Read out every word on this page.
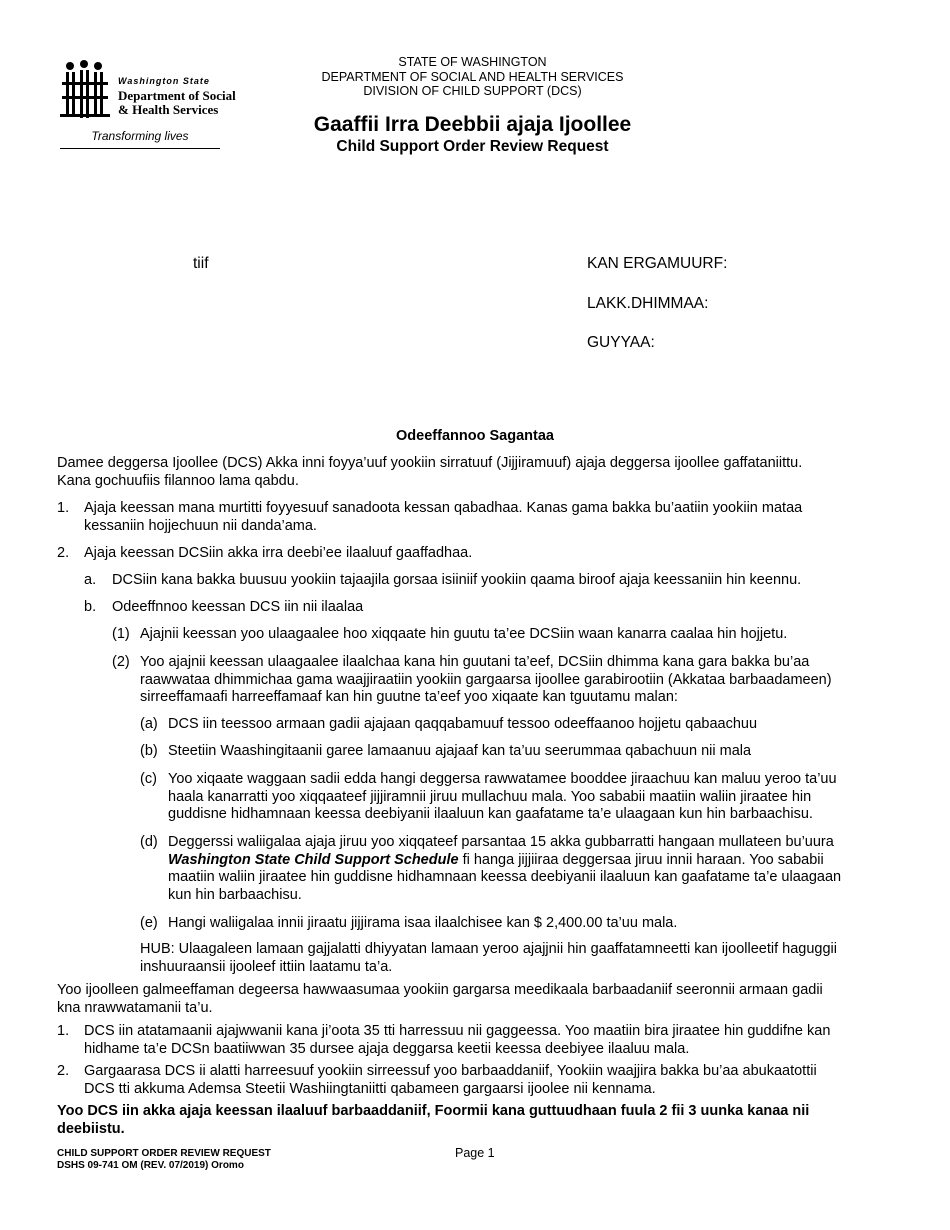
Washington State
Department of Social
& Health Services
Transforming lives
STATE OF WASHINGTON
DEPARTMENT OF SOCIAL AND HEALTH SERVICES
DIVISION OF CHILD SUPPORT (DCS)
Gaaffii Irra Deebbii ajaja Ijoollee
Child Support Order Review Request
tiif	KAN ERGAMUURF:
LAKK.DHIMMAA:
GUYYAA:
Odeeffannoo Sagantaa
Damee deggersa Ijoollee (DCS) Akka inni foyya’uuf yookiin sirratuuf (Jijjiramuuf) ajaja deggersa ijoollee gaffataniittu.
Kana gochuufiis filannoo lama qabdu.
1. Ajaja keessan mana murtitti foyyesuuf sanadoota kessan qabadhaa. Kanas gama bakka bu’aatiin yookiin mataa
kessaniin hojjechuun nii danda’ama.
2. Ajaja keessan DCSiin akka irra deebi’ee ilaaluuf gaaffadhaa.
a. DCSiin kana bakka buusuu yookiin tajaajila gorsaa isiiniif yookiin qaama biroof ajaja keessaniin hin keennu.
b. Odeeffnnoo keessan DCS iin nii ilaalaa
(1) Ajajnii keessan yoo ulaagaalee hoo xiqqaate hin guutu ta’ee DCSiin waan kanarra caalaa hin hojjetu.
(2) Yoo ajajnii keessan ulaagaalee ilaalchaa kana hin guutani ta’eef, DCSiin dhimma kana gara bakka bu’aa
raawwataa dhimmichaa gama waajjiraatiin yookiin gargaarsa ijoollee garabirootiin (Akkataa barbaadameen)
sirreeffamaafi harreeffamaaf kan hin guutne ta’eef yoo xiqaate kan tguutamu malan:
(a) DCS iin teessoo armaan gadii ajajaan qaqqabamuuf tessoo odeeffaanoo hojjetu qabaachuu
(b) Steetiin Waashingitaanii garee lamaanuu ajajaaf kan ta’uu seerummaa qabachuun nii mala
(c) Yoo xiqaate waggaan sadii edda hangi deggersa rawwatamee booddee jiraachuu kan maluu yeroo ta’uu
haala kanarratti yoo xiqqaateef jijjiramnii jiruu mullachuu mala. Yoo sababii maatiin waliin jiraatee hin
guddisne hidhamnaan keessa deebiyanii ilaaluun kan gaafatame ta’e ulaagaan kun hin barbaachisu.
(d) Deggerssi waliigalaa ajaja jiruu yoo xiqqateef parsantaa 15 akka gubbarratti hangaan mullateen bu’uura
Washington State Child Support Schedule fi hanga jijjiiraa deggersaa jiruu innii haraan. Yoo sababii
maatiin waliin jiraatee hin guddisne hidhamnaan keessa deebiyanii ilaaluun kan gaafatame ta’e ulaagaan
kun hin barbaachisu.
(e) Hangi waliigalaa innii jiraatu jijjirama isaa ilaalchisee kan $ 2,400.00 ta’uu mala.
HUB: Ulaagaleen lamaan gajjalatti dhiyyatan lamaan yeroo ajajjnii hin gaaffatamneetti kan ijoolleetif haguggii
inshuuraansii ijooleef ittiin laatamu ta’a.
Yoo ijoolleen galmeeffaman degeersa hawwaasumaa yookiin gargarsa meedikaala barbaadaniif seeronnii armaan gadii
kna nrawwatamanii ta’u.
1. DCS iin atatamaanii ajajwwanii kana ji’oota 35 tti harressuu nii gaggeessa. Yoo maatiin bira jiraatee hin guddifne kan
hidhame ta’e DCSn baatiiwwan 35 dursee ajaja deggarsa keetii keessa deebiyee ilaaluu mala.
2. Gargaarasa DCS ii alatti harreesuuf yookiin sirreessuf yoo barbaaddaniif, Yookiin waajjira bakka bu’aa abukaatottii
DCS tti akkuma Ademsa Steetii Washiingtaniitti qabameen gargaarsi ijoolee nii kennama.
Yoo DCS iin akka ajaja keessan ilaaluuf barbaaddaniif, Foormii kana guttuudhaan fuula 2 fii 3 uunka kanaa nii
deebiistu.
CHILD SUPPORT ORDER REVIEW REQUEST
DSHS 09-741 OM (REV. 07/2019) Oromo
Page 1
